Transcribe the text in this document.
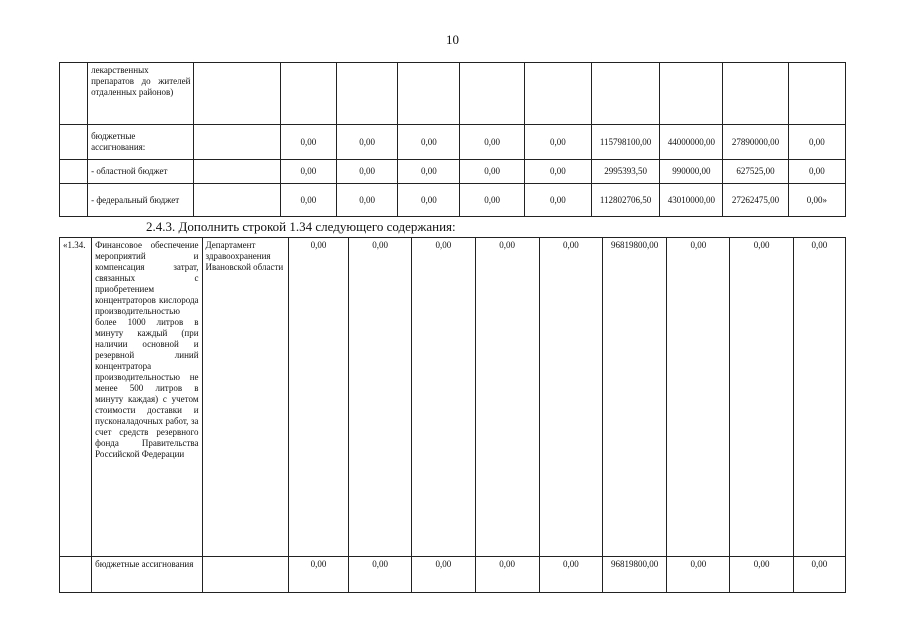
10
	лекарственных препаратов до жителей отдаленных районов)										
	бюджетные ассигнования:		0,00	0,00	0,00	0,00	0,00	115798100,00	44000000,00	27890000,00	0,00
	- областной бюджет		0,00	0,00	0,00	0,00	0,00	2995393,50	990000,00	627525,00	0,00
	- федеральный бюджет		0,00	0,00	0,00	0,00	0,00	112802706,50	43010000,00	27262475,00	0,00»
2.4.3. Дополнить строкой 1.34 следующего содержания:
«1.34.	Финансовое обеспечение мероприятий и компенсация затрат, связанных с приобретением концентраторов кислорода производительностью более 1000 литров в минуту каждый (при наличии основной и резервной линий концентратора производительностью не менее 500 литров в минуту каждая) с учетом стоимости доставки и пусконаладочных работ, за счет средств резервного фонда Правительства Российской Федерации	Департамент здравоохранения Ивановской области	0,00	0,00	0,00	0,00	0,00	96819800,00	0,00	0,00	0,00
	бюджетные ассигнования		0,00	0,00	0,00	0,00	0,00	96819800,00	0,00	0,00	0,00
